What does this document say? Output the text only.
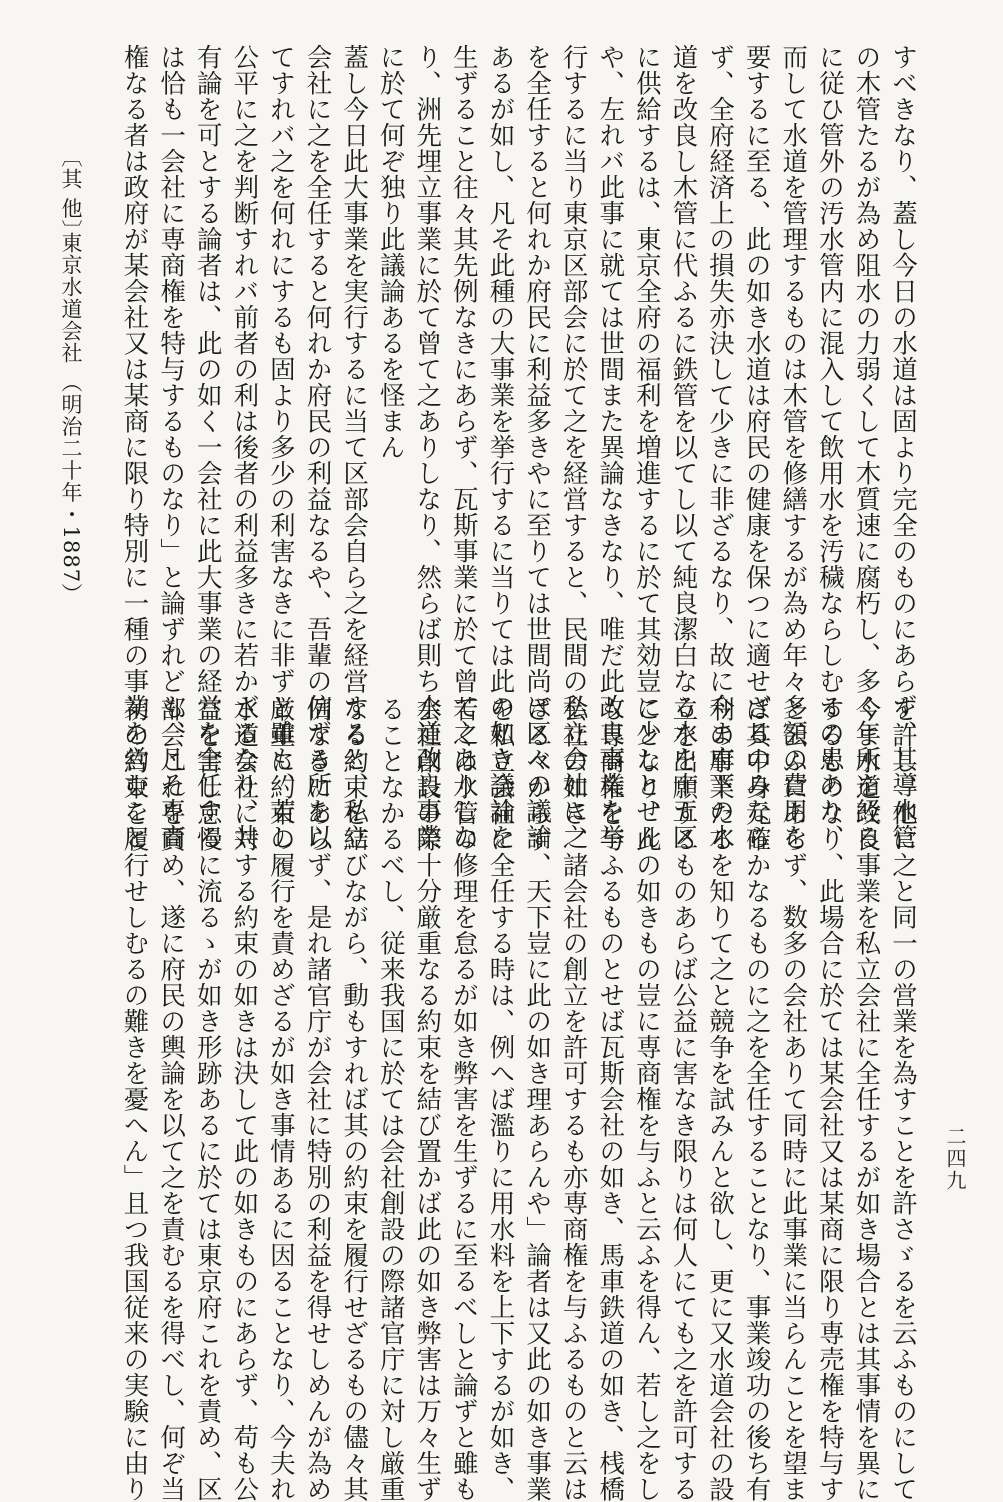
すべきなり、蓋し今日の水道は固より完全のものにあらず、其導水管
の木管たるが為め阻水の力弱くして木質速に腐朽し、多く年所を経る
に従ひ管外の汚水管内に混入して飲用水を汚穢ならしむるの患あり、
而して水道を管理するものは木管を修繕するが為め年々多額の費用を
要するに至る、此の如き水道は府民の健康を保つに適せざるのみなら
ず、全府経済上の損失亦決して少きに非ざるなり、故に今ま府下の水
道を改良し木管に代ふるに鉄管を以てし以て純良潔白なる水を十五区
に供給するは、東京全府の福利を増進するに於て其効豈に少しとせん
や、左れバ此事に就ては世間また異論なきなり、唯だ此改良事業を挙
行するに当り東京区部会に於て之を経営すると、民間の私立会社に之
を全任すると何れか府民に利益多きやに至りては世間尚ほ区々の議論
あるが如し、凡そ此種の大事業を挙行するに当りては此の如き議論を
生ずること往々其先例なきにあらず、瓦斯事業に於て曾て之ありしな
り、洲先埋立事業に於て曾て之ありしなり、然らば則ち水道改良事業
に於て何ぞ独り此議論あるを怪まん
蓋し今日此大事業を実行するに当て区部会自ら之を経営すると、私立
会社に之を全任すると何れか府民の利益なるや、吾輩の信ずる所を以
てすれバ之を何れにするも固より多少の利害なきに非ずと雖も、若し
公平に之を判断すれバ前者の利は後者の利益多きに若かざるなり、共
有論を可とする論者は、此の如く一会社に此大事業の経営を全任する
は恰も一会社に専商権を特与するものなり」と論ずれども、凡そ専商
権なる者は政府が某会社又は某商に限り特別に一種の事業を営むこと
を許し、他に之と同一の営業を為すことを許さゞるを云ふものにして
今ま水道改良事業を私立会社に全任するが如き場合とは其事情を異に
するものなり、此場合に於ては某会社又は某商に限り専売権を特与す
と云ふにあらず、数多の会社ありて同時に此事業に当らんことを望ま
ば其中身元確かなるものに之を全任することなり、事業竣功の後ち有
利の事業たるを知りて之と競争を試みんと欲し、更に又水道会社の設
立を出願するものあらば公益に害なき限りは何人にても之を許可する
ことなり、此の如きもの豈に専商権を与ふと云ふを得ん、若し之をし
も専商権を与ふるものとせば瓦斯会社の如き、馬車鉄道の如き、桟橋
会社の如き、諸会社の創立を許可するも亦専商権を与ふるものと云は
ざるべからず、天下豈に此の如き理あらんや」論者は又此の如き事業
を私立会社に全任する時は、例へば濫りに用水料を上下するが如き、
若くは水管の修理を怠るが如き弊害を生ずるに至るべしと論ずと雖も
会社創設の際十分厳重なる約束を結び置かば此の如き弊害は万々生ず
ることなかるべし、従来我国に於ては会社創設の際諸官庁に対し厳重
なる約束を結びながら、動もすれば其の約束を履行せざるもの儘々其
例なきにあらず、是れ諸官庁が会社に特別の利益を得せしめんが為め
厳重に約束の履行を責めざるが如き事情あるに因ることなり、今夫れ
水道会社に対する約束の如きは決して此の如きものにあらず、苟も公
益を害し怠慢に流るゝが如き形跡あるに於ては東京府これを責め、区
部会これを責め、遂に府民の輿論を以て之を責むるを得べし、何ぞ当
初の約束を履行せしむるの難きを憂へん」且つ我国従来の実験に由り
〔其 他〕
東京水道会社 （明治二十年・1887）
二四九
